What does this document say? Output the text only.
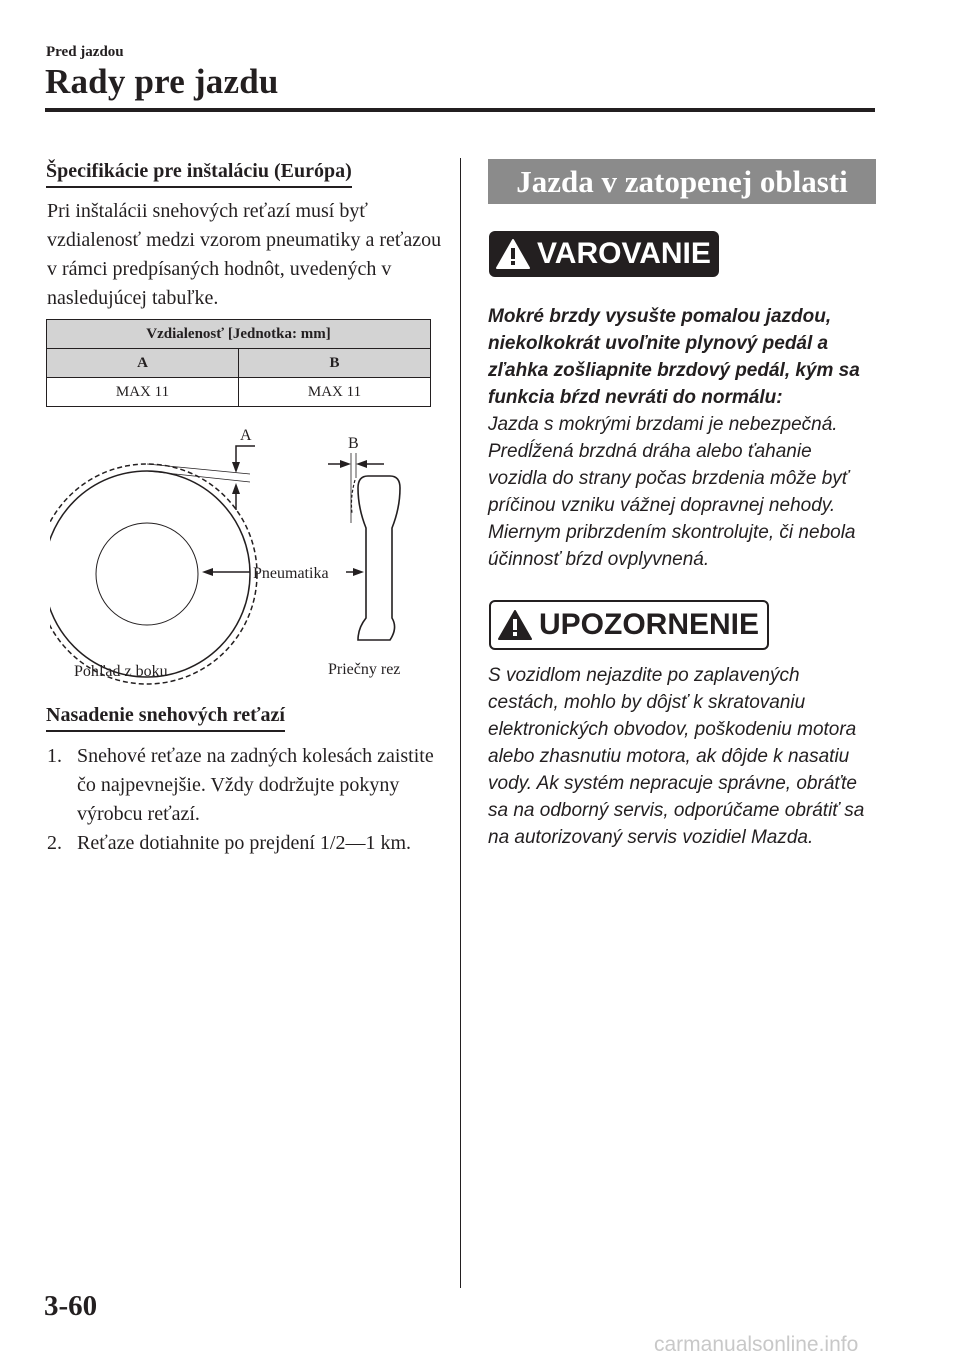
Pred jazdou
Rady pre jazdu
Špecifikácie pre inštaláciu (Európa)
Pri inštalácii snehových reťazí musí byť vzdialenosť medzi vzorom pneumatiky a reťazou v rámci predpísaných hodnôt, uvedených v nasledujúcej tabuľke.
Vzdialenosť [Jednotka: mm]	
A	B
MAX 11	MAX 11
A	B
Pneumatika
Pohľad z boku	Priečny rez
Nasadenie snehových reťazí
1. Snehové reťaze na zadných kolesách zaistite čo najpevnejšie. Vždy dodržujte pokyny výrobcu reťazí.
2. Reťaze dotiahnite po prejdení 1/2―1 km.
Jazda v zatopenej oblasti
VAROVANIE
Mokré brzdy vysušte pomalou jazdou, niekolkokrát uvoľnite plynový pedál a zľahka zošliapnite brzdový pedál, kým sa funkcia bŕzd nevráti do normálu:
Jazda s mokrými brzdami je nebezpečná. Predĺžená brzdná dráha alebo ťahanie vozidla do strany počas brzdenia môže byť príčinou vzniku vážnej dopravnej nehody. Miernym pribrzdením skontrolujte, či nebola účinnosť bŕzd ovplyvnená.
UPOZORNENIE
S vozidlom nejazdite po zaplavených cestách, mohlo by dôjsť k skratovaniu elektronických obvodov, poškodeniu motora alebo zhasnutiu motora, ak dôjde k nasatiu vody. Ak systém nepracuje správne, obráťte sa na odborný servis, odporúčame obrátiť sa na autorizovaný servis vozidiel Mazda.
3-60
carmanualsonline.info
